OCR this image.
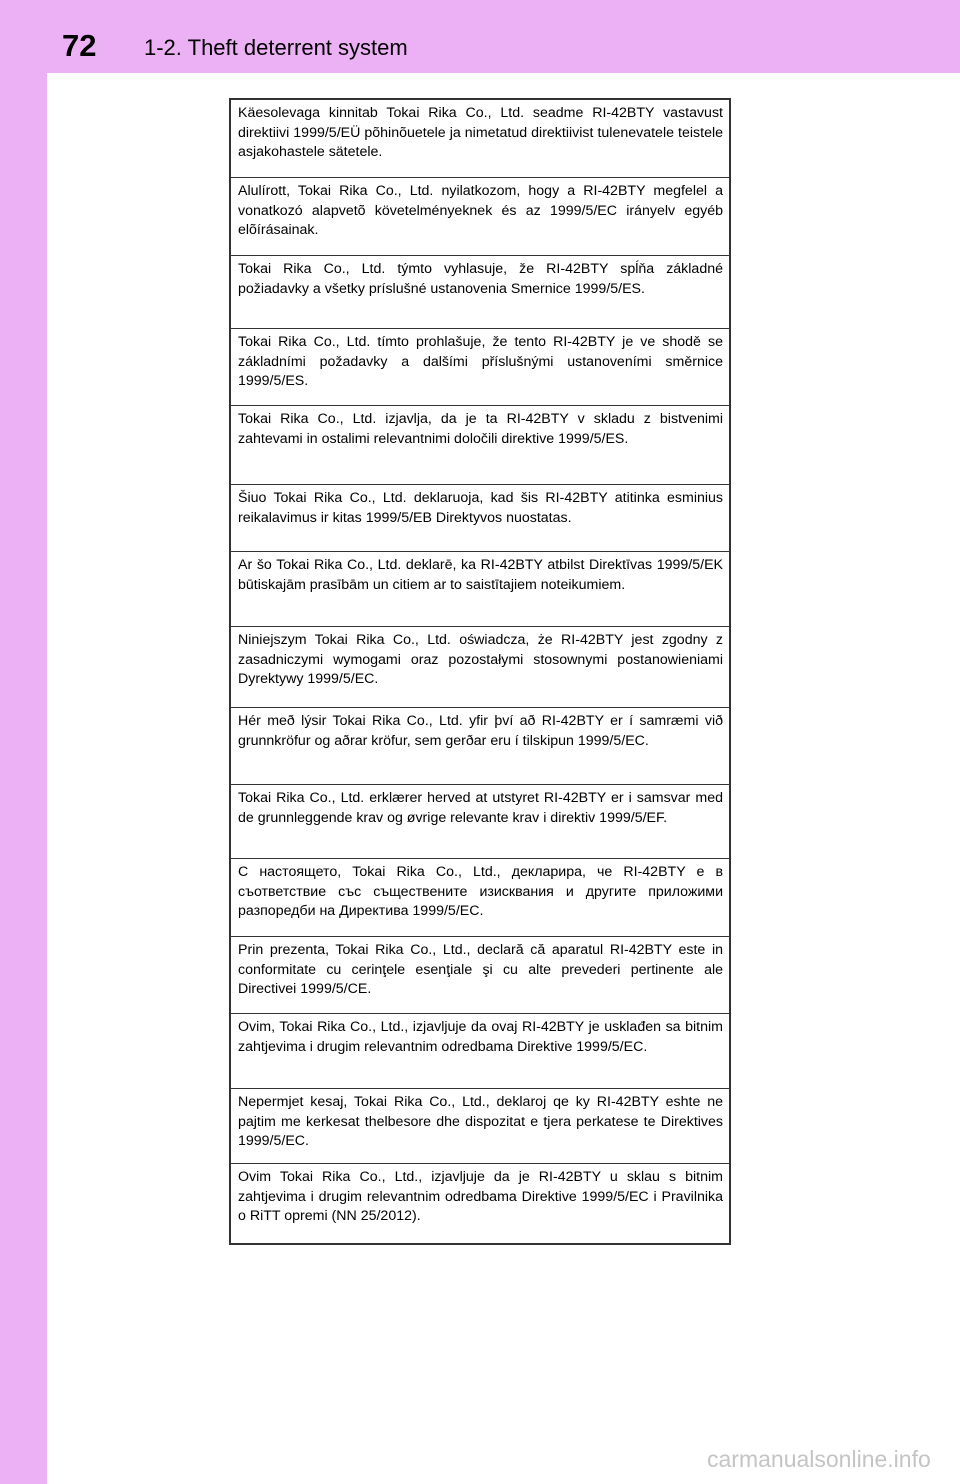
72 1-2. Theft deterrent system
Käesolevaga kinnitab Tokai Rika Co., Ltd. seadme RI-42BTY vastavust direktiivi 1999/5/EÜ põhinõuetele ja nimetatud direktiivist tulenevatele teistele asjakohastele sätetele.
Alulírott, Tokai Rika Co., Ltd. nyilatkozom, hogy a RI-42BTY megfelel a vonatkozó alapvetõ követelményeknek és az 1999/5/EC irányelv egyéb elõírásainak.
Tokai Rika Co., Ltd. týmto vyhlasuje, že RI-42BTY spĺňa základné požiadavky a všetky príslušné ustanovenia Smernice 1999/5/ES.
Tokai Rika Co., Ltd. tímto prohlašuje, že tento RI-42BTY je ve shodě se základními požadavky a dalšími příslušnými ustanoveními směrnice 1999/5/ES.
Tokai Rika Co., Ltd. izjavlja, da je ta RI-42BTY v skladu z bistvenimi zahtevami in ostalimi relevantnimi določili direktive 1999/5/ES.
Šiuo Tokai Rika Co., Ltd. deklaruoja, kad šis RI-42BTY atitinka esminius reikalavimus ir kitas 1999/5/EB Direktyvos nuostatas.
Ar šo Tokai Rika Co., Ltd. deklarē, ka RI-42BTY atbilst Direktīvas 1999/5/EK būtiskajām prasībām un citiem ar to saistītajiem noteikumiem.
Niniejszym Tokai Rika Co., Ltd. oświadcza, że RI-42BTY jest zgodny z zasadniczymi wymogami oraz pozostałymi stosownymi postanowieniami Dyrektywy 1999/5/EC.
Hér með lýsir Tokai Rika Co., Ltd. yfir því að RI-42BTY er í samræmi við grunnkröfur og aðrar kröfur, sem gerðar eru í tilskipun 1999/5/EC.
Tokai Rika Co., Ltd. erklærer herved at utstyret RI-42BTY er i samsvar med de grunnleggende krav og øvrige relevante krav i direktiv 1999/5/EF.
С настоящето, Tokai Rika Co., Ltd., декларира, че RI-42BTY е в съответствие със съществените изисквания и другите приложими разпоредби на Директива 1999/5/EC.
Prin prezenta, Tokai Rika Co., Ltd., declară că aparatul RI-42BTY este in conformitate cu cerinţele esenţiale şi cu alte prevederi pertinente ale Directivei 1999/5/CE.
Ovim, Tokai Rika Co., Ltd., izjavljuje da ovaj RI-42BTY je usklađen sa bitnim zahtjevima i drugim relevantnim odredbama Direktive 1999/5/EC.
Nepermjet kesaj, Tokai Rika Co., Ltd., deklaroj qe ky RI-42BTY eshte ne pajtim me kerkesat thelbesore dhe dispozitat e tjera perkatese te Direktives 1999/5/EC.
Ovim Tokai Rika Co., Ltd., izjavljuje da je RI-42BTY u sklau s bitnim zahtjevima i drugim relevantnim odredbama Direktive 1999/5/EC i Pravilnika o RiTT opremi (NN 25/2012).
carmanualsonline.info
